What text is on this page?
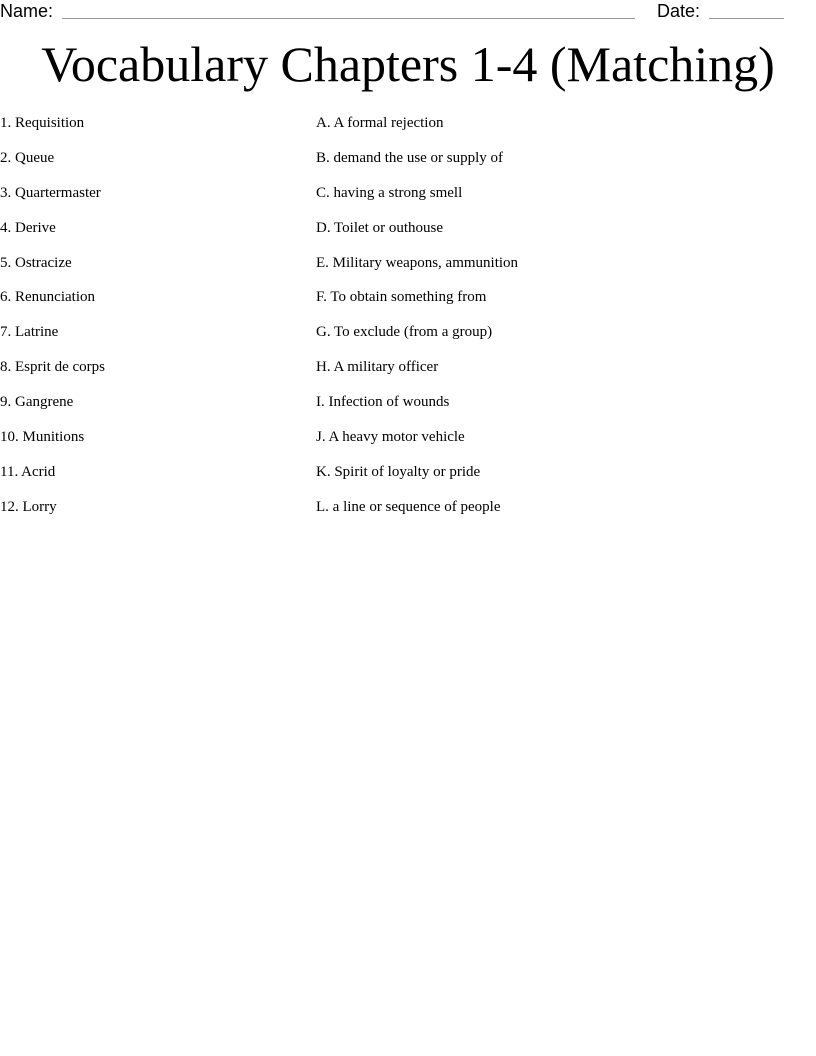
Name:	Date:
Vocabulary Chapters 1-4 (Matching)
1. Requisition
2. Queue
3. Quartermaster
4. Derive
5. Ostracize
6. Renunciation
7. Latrine
8. Esprit de corps
9. Gangrene
10. Munitions
11. Acrid
12. Lorry
A. A formal rejection
B. demand the use or supply of
C. having a strong smell
D. Toilet or outhouse
E. Military weapons, ammunition
F. To obtain something from
G. To exclude (from a group)
H. A military officer
I. Infection of wounds
J. A heavy motor vehicle
K. Spirit of loyalty or pride
L. a line or sequence of people
